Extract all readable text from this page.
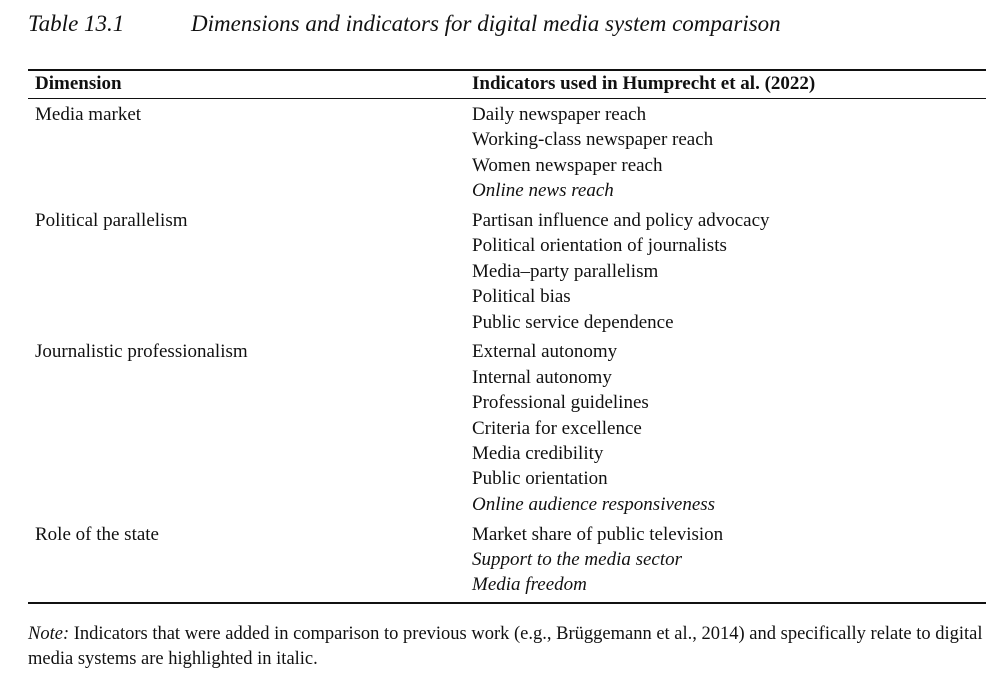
Table 13.1	Dimensions and indicators for digital media system comparison
Dimension	Indicators used in Humprecht et al. (2022)
Media market	Daily newspaper reach
Working-class newspaper reach
Women newspaper reach
Online news reach
Political parallelism	Partisan influence and policy advocacy
Political orientation of journalists
Media–party parallelism
Political bias
Public service dependence
Journalistic professionalism	External autonomy
Internal autonomy
Professional guidelines
Criteria for excellence
Media credibility
Public orientation
Online audience responsiveness
Role of the state	Market share of public television
Support to the media sector
Media freedom
Note: Indicators that were added in comparison to previous work (e.g., Brüggemann et al., 2014) and specifically relate to digital media systems are highlighted in italic.
